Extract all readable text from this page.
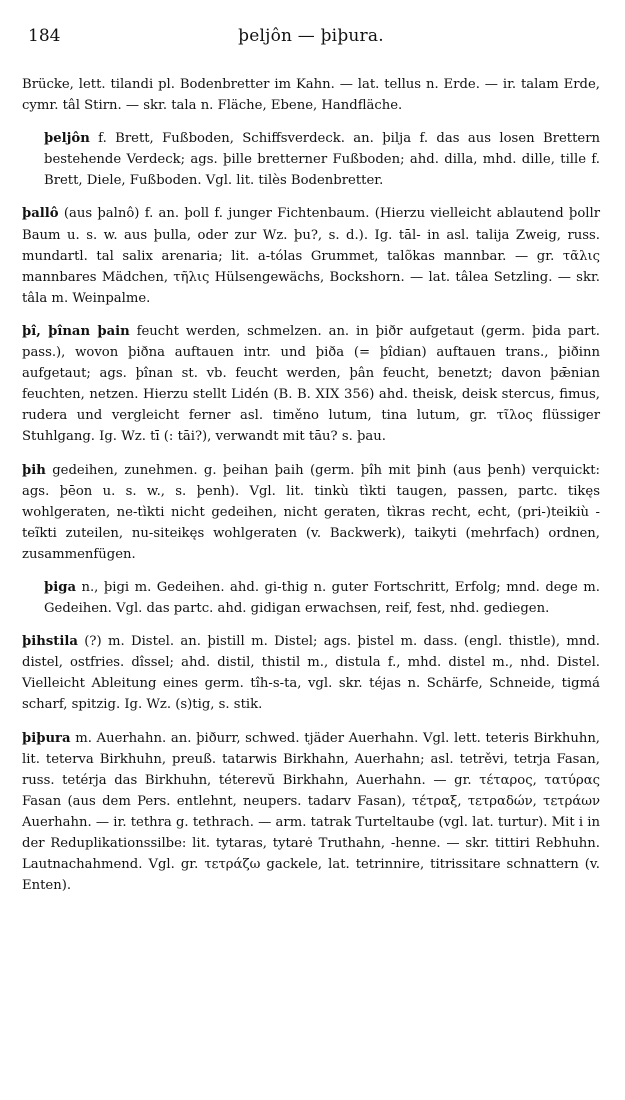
184	þeljôn — þiþura.

Brücke, lett. tilandi pl. Bodenbretter im Kahn. — lat. tellus n. Erde. — ir. talam Erde, cymr. tâl Stirn. — skr. tala n. Fläche, Ebene, Handfläche.

þeljôn f. Brett, Fußboden, Schiffsverdeck. an. þilja f. das aus losen Brettern bestehende Verdeck; ags. þille bretterner Fußboden; ahd. dilla, mhd. dille, tille f. Brett, Diele, Fußboden. Vgl. lit. tilès Bodenbretter.

þallô (aus þalnô) f. an. þoll f. junger Fichtenbaum. (Hierzu vielleicht ablautend þollr Baum u. s. w. aus þulla, oder zur Wz. þu?, s. d.). Ig. tāl- in asl. talija Zweig, russ. mundartl. tal salix arenaria; lit. a-tólas Grummet, talõkas mannbar. — gr. τᾶλις mannbares Mädchen, τῆλις Hülsengewächs, Bockshorn. — lat. tâlea Setzling. — skr. tâla m. Weinpalme.

þî, þînan þain feucht werden, schmelzen. an. in þiðr aufgetaut (germ. þida part. pass.), wovon þiðna auftauen intr. und þiða (= þîdian) auftauen trans., þiðinn aufgetaut; ags. þînan st. vb. feucht werden, þân feucht, benetzt; davon þǣnian feuchten, netzen. Hierzu stellt Lidén (B. B. XIX 356) ahd. theisk, deisk stercus, fimus, rudera und vergleicht ferner asl. timěno lutum, tina lutum, gr. τῖλος flüssiger Stuhlgang. Ig. Wz. tī (: tāi?), verwandt mit tāu? s. þau.

þih gedeihen, zunehmen. g. þeihan þaih (germ. þîh mit þinh (aus þenh) verquickt: ags. þēon u. s. w., s. þenh). Vgl. lit. tinkù tìkti taugen, passen, partc. tikęs wohlgeraten, ne-tìkti nicht gedeihen, nicht geraten, tìkras recht, echt, (pri-)teikiù -teĩkti zuteilen, nu-siteikęs wohlgeraten (v. Backwerk), taikyti (mehrfach) ordnen, zusammenfügen.

þiga n., þigi m. Gedeihen. ahd. gi-thig n. guter Fortschritt, Erfolg; mnd. dege m. Gedeihen. Vgl. das partc. ahd. gidigan erwachsen, reif, fest, nhd. gediegen.

þihstila (?) m. Distel. an. þistill m. Distel; ags. þistel m. dass. (engl. thistle), mnd. distel, ostfries. dîssel; ahd. distil, thistil m., distula f., mhd. distel m., nhd. Distel. Vielleicht Ableitung eines germ. tîh-s-ta, vgl. skr. téjas n. Schärfe, Schneide, tigmá scharf, spitzig. Ig. Wz. (s)tig, s. stik.

þiþura m. Auerhahn. an. þiðurr, schwed. tjäder Auerhahn. Vgl. lett. teteris Birkhuhn, lit. teterva Birkhuhn, preuß. tatarwis Birkhahn, Auerhahn; asl. tetrěvi, tetrja Fasan, russ. tetérja das Birkhuhn, téterevŭ Birkhahn, Auerhahn. — gr. τέταρος, τατύρας Fasan (aus dem Pers. entlehnt, neupers. tadarv Fasan), τέτραξ, τετραδών, τετράων Auerhahn. — ir. tethra g. tethrach. — arm. tatrak Turteltaube (vgl. lat. turtur). Mit i in der Reduplikationssilbe: lit. tytaras, tytarė Truthahn, -henne. — skr. tittiri Rebhuhn. Lautnachahmend. Vgl. gr. τετράζω gackele, lat. tetrinnire, titrissitare schnattern (v. Enten).
